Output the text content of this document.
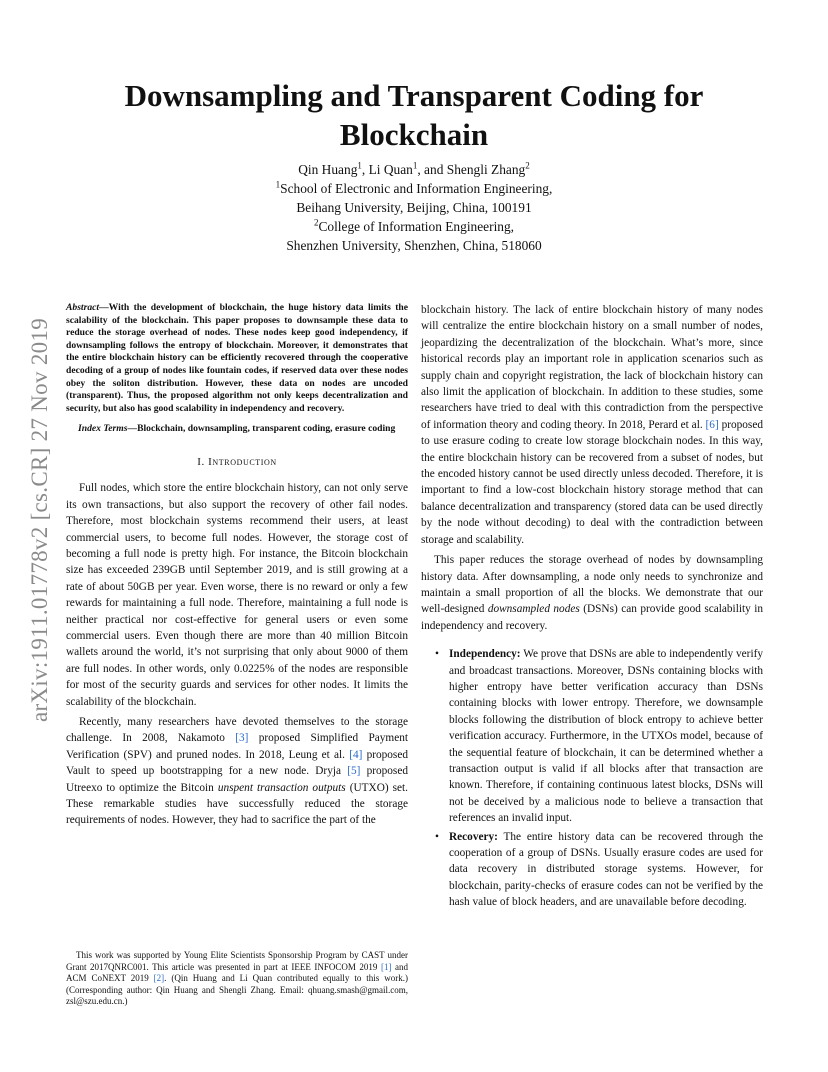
arXiv:1911.01778v2 [cs.CR] 27 Nov 2019
Downsampling and Transparent Coding for Blockchain
Qin Huang$^1$, Li Quan$^1$, and Shengli Zhang$^2$
$^1$School of Electronic and Information Engineering,
Beihang University, Beijing, China, 100191
$^2$College of Information Engineering,
Shenzhen University, Shenzhen, China, 518060
Abstract—With the development of blockchain, the huge history data limits the scalability of the blockchain. This paper proposes to downsample these data to reduce the storage overhead of nodes. These nodes keep good independency, if downsampling follows the entropy of blockchain. Moreover, it demonstrates that the entire blockchain history can be efficiently recovered through the cooperative decoding of a group of nodes like fountain codes, if reserved data over these nodes obey the soliton distribution. However, these data on nodes are uncoded (transparent). Thus, the proposed algorithm not only keeps decentralization and security, but also has good scalability in independency and recovery.
Index Terms—Blockchain, downsampling, transparent coding, erasure coding
I. Introduction

Full nodes, which store the entire blockchain history, can not only serve its own transactions, but also support the recovery of other fail nodes. Therefore, most blockchain systems recommend their users, at least commercial users, to become full nodes. However, the storage cost of becoming a full node is pretty high. For instance, the Bitcoin blockchain size has exceeded 239GB until September 2019, and is still growing at a rate of about 50GB per year. Even worse, there is no reward or only a few rewards for maintaining a full node. Therefore, maintaining a full node is neither practical nor cost-effective for general users or even some commercial users. Even though there are more than 40 million Bitcoin wallets around the world, it’s not surprising that only about 9000 of them are full nodes. In other words, only 0.0225% of the nodes are responsible for most of the security guards and services for other nodes. It limits the scalability of the blockchain.

Recently, many researchers have devoted themselves to the storage challenge. In 2008, Nakamoto [3] proposed Simplified Payment Verification (SPV) and pruned nodes. In 2018, Leung et al. [4] proposed Vault to speed up bootstrapping for a new node. Dryja [5] proposed Utreexo to optimize the Bitcoin unspent transaction outputs (UTXO) set. These remarkable studies have successfully reduced the storage requirements of nodes. However, they had to sacrifice the part of the

This work was supported by Young Elite Scientists Sponsorship Program by CAST under Grant 2017QNRC001. This article was presented in part at IEEE INFOCOM 2019 [1] and ACM CoNEXT 2019 [2]. (Qin Huang and Li Quan contributed equally to this work.) (Corresponding author: Qin Huang and Shengli Zhang. Email: qhuang.smash@gmail.com, zsl@szu.edu.cn.)

blockchain history. The lack of entire blockchain history of many nodes will centralize the entire blockchain history on a small number of nodes, jeopardizing the decentralization of the blockchain. What’s more, since historical records play an important role in application scenarios such as supply chain and copyright registration, the lack of blockchain history can also limit the application of blockchain. In addition to these studies, some researchers have tried to deal with this contradiction from the perspective of information theory and coding theory. In 2018, Perard et al. [6] proposed to use erasure coding to create low storage blockchain nodes. In this way, the entire blockchain history can be recovered from a subset of nodes, but the encoded history cannot be used directly unless decoded. Therefore, it is important to find a low-cost blockchain history storage method that can balance decentralization and transparency (stored data can be used directly by the node without decoding) to deal with the contradiction between storage and scalability.

This paper reduces the storage overhead of nodes by downsampling history data. After downsampling, a node only needs to synchronize and maintain a small proportion of all the blocks. We demonstrate that our well-designed downsampled nodes (DSNs) can provide good scalability in independency and recovery.

• Independency: We prove that DSNs are able to independently verify and broadcast transactions. Moreover, DSNs containing blocks with higher entropy have better verification accuracy than DSNs containing blocks with lower entropy. Therefore, we downsample blocks following the distribution of block entropy to achieve better verification accuracy. Furthermore, in the UTXOs model, because of the sequential feature of blockchain, it can be determined whether a transaction output is valid if all blocks after that transaction are known. Therefore, if containing continuous latest blocks, DSNs will not be deceived by a malicious node to believe a transaction that references an invalid input.
• Recovery: The entire history data can be recovered through the cooperation of a group of DSNs. Usually erasure codes are used for data recovery in distributed storage systems. However, for blockchain, parity-checks of erasure codes can not be verified by the hash value of block headers, and are unavailable before decoding.
